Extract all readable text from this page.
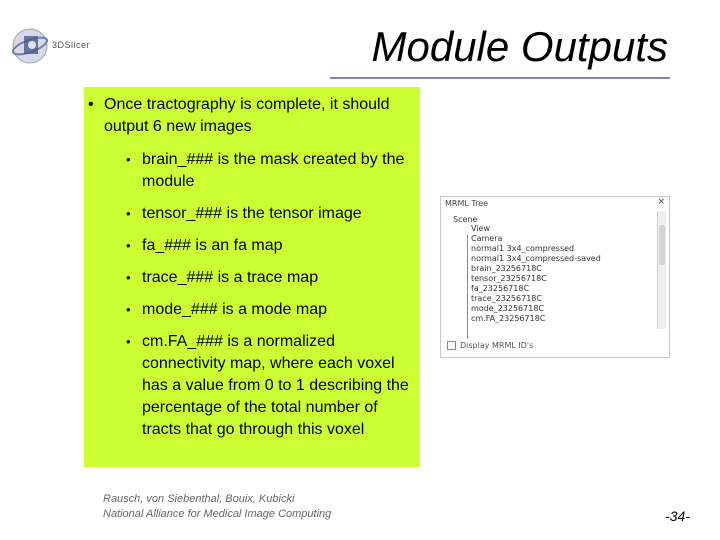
3DSlicer	Module Outputs
• Once tractography is complete, it should output 6 new images
• brain_### is the mask created by the module
• tensor_### is the tensor image
• fa_### is an fa map
• trace_### is a trace map
• mode_### is a mode map
• cm.FA_### is a normalized connectivity map, where each voxel has a value from 0 to 1 describing the percentage of the total number of tracts that go through this voxel
MRML Tree	×
Scene
View
Camera
normal1 3x4_compressed
normal1 3x4_compressed-saved
brain_23256718C
tensor_23256718C
fa_23256718C
trace_23256718C
mode_23256718C
cm.FA_23256718C
Display MRML ID's
Rausch, von Siebenthal, Bouix, Kubicki
National Alliance for Medical Image Computing	-34-
